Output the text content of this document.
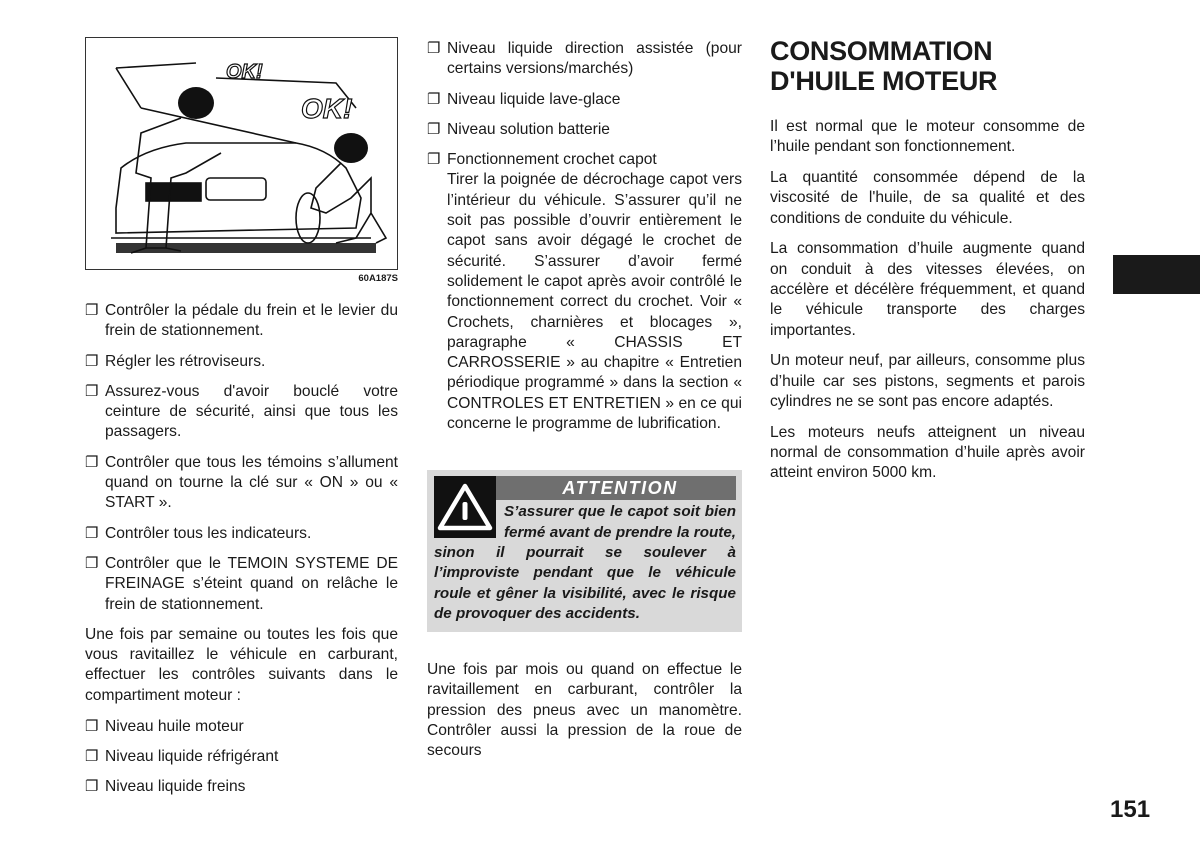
OK!
OK!
60A187S
❐ Contrôler la pédale du frein et le levier du frein de stationnement.
❐ Régler les rétroviseurs.
❐ Assurez-vous d'avoir bouclé votre ceinture de sécurité, ainsi que tous les passagers.
❐ Contrôler que tous les témoins s’allument quand on tourne la clé sur « ON » ou « START ».
❐ Contrôler tous les indicateurs.
❐ Contrôler que le TEMOIN SYSTEME DE FREINAGE s’éteint quand on relâche le frein de stationnement.

Une fois par semaine ou toutes les fois que vous ravitaillez le véhicule en carburant, effectuer les contrôles suivants dans le compartiment moteur :

❐ Niveau huile moteur
❐ Niveau liquide réfrigérant
❐ Niveau liquide freins
❐ Niveau liquide direction assistée (pour certains versions/marchés)
❐ Niveau liquide lave-glace
❐ Niveau solution batterie
❐ Fonctionnement crochet capot
Tirer la poignée de décrochage capot vers l’intérieur du véhicule. S’assurer qu’il ne soit pas possible d’ouvrir entièrement le capot sans avoir dégagé le crochet de sécurité. S’assurer d’avoir fermé solidement le capot après avoir contrôlé le fonctionnement correct du crochet. Voir « Crochets, charnières et blocages », paragraphe « CHASSIS ET CARROSSERIE » au chapitre « Entretien périodique programmé » dans la section « CONTROLES ET ENTRETIEN » en ce qui concerne le programme de lubrification.
ATTENTION
S’assurer que le capot soit bien fermé avant de prendre la route, sinon il pourrait se soulever à l’improviste pendant que le véhicule roule et gêner la visibilité, avec le risque de provoquer des accidents.

Une fois par mois ou quand on effectue le ravitaillement en carburant, contrôler la pression des pneus avec un manomètre. Contrôler aussi la pression de la roue de secours

CONSOMMATION D'HUILE MOTEUR

Il est normal que le moteur consomme de l’huile pendant son fonctionnement.

La quantité consommée dépend de la viscosité de l'huile, de sa qualité et des conditions de conduite du véhicule.

La consommation d’huile augmente quand on conduit à des vitesses élevées, on accélère et décélère fréquemment, et quand le véhicule transporte des charges importantes.

Un moteur neuf, par ailleurs, consomme plus d’huile car ses pistons, segments et parois cylindres ne se sont pas encore adaptés.

Les moteurs neufs atteignent un niveau normal de consommation d’huile après avoir atteint environ 5000 km.

151
